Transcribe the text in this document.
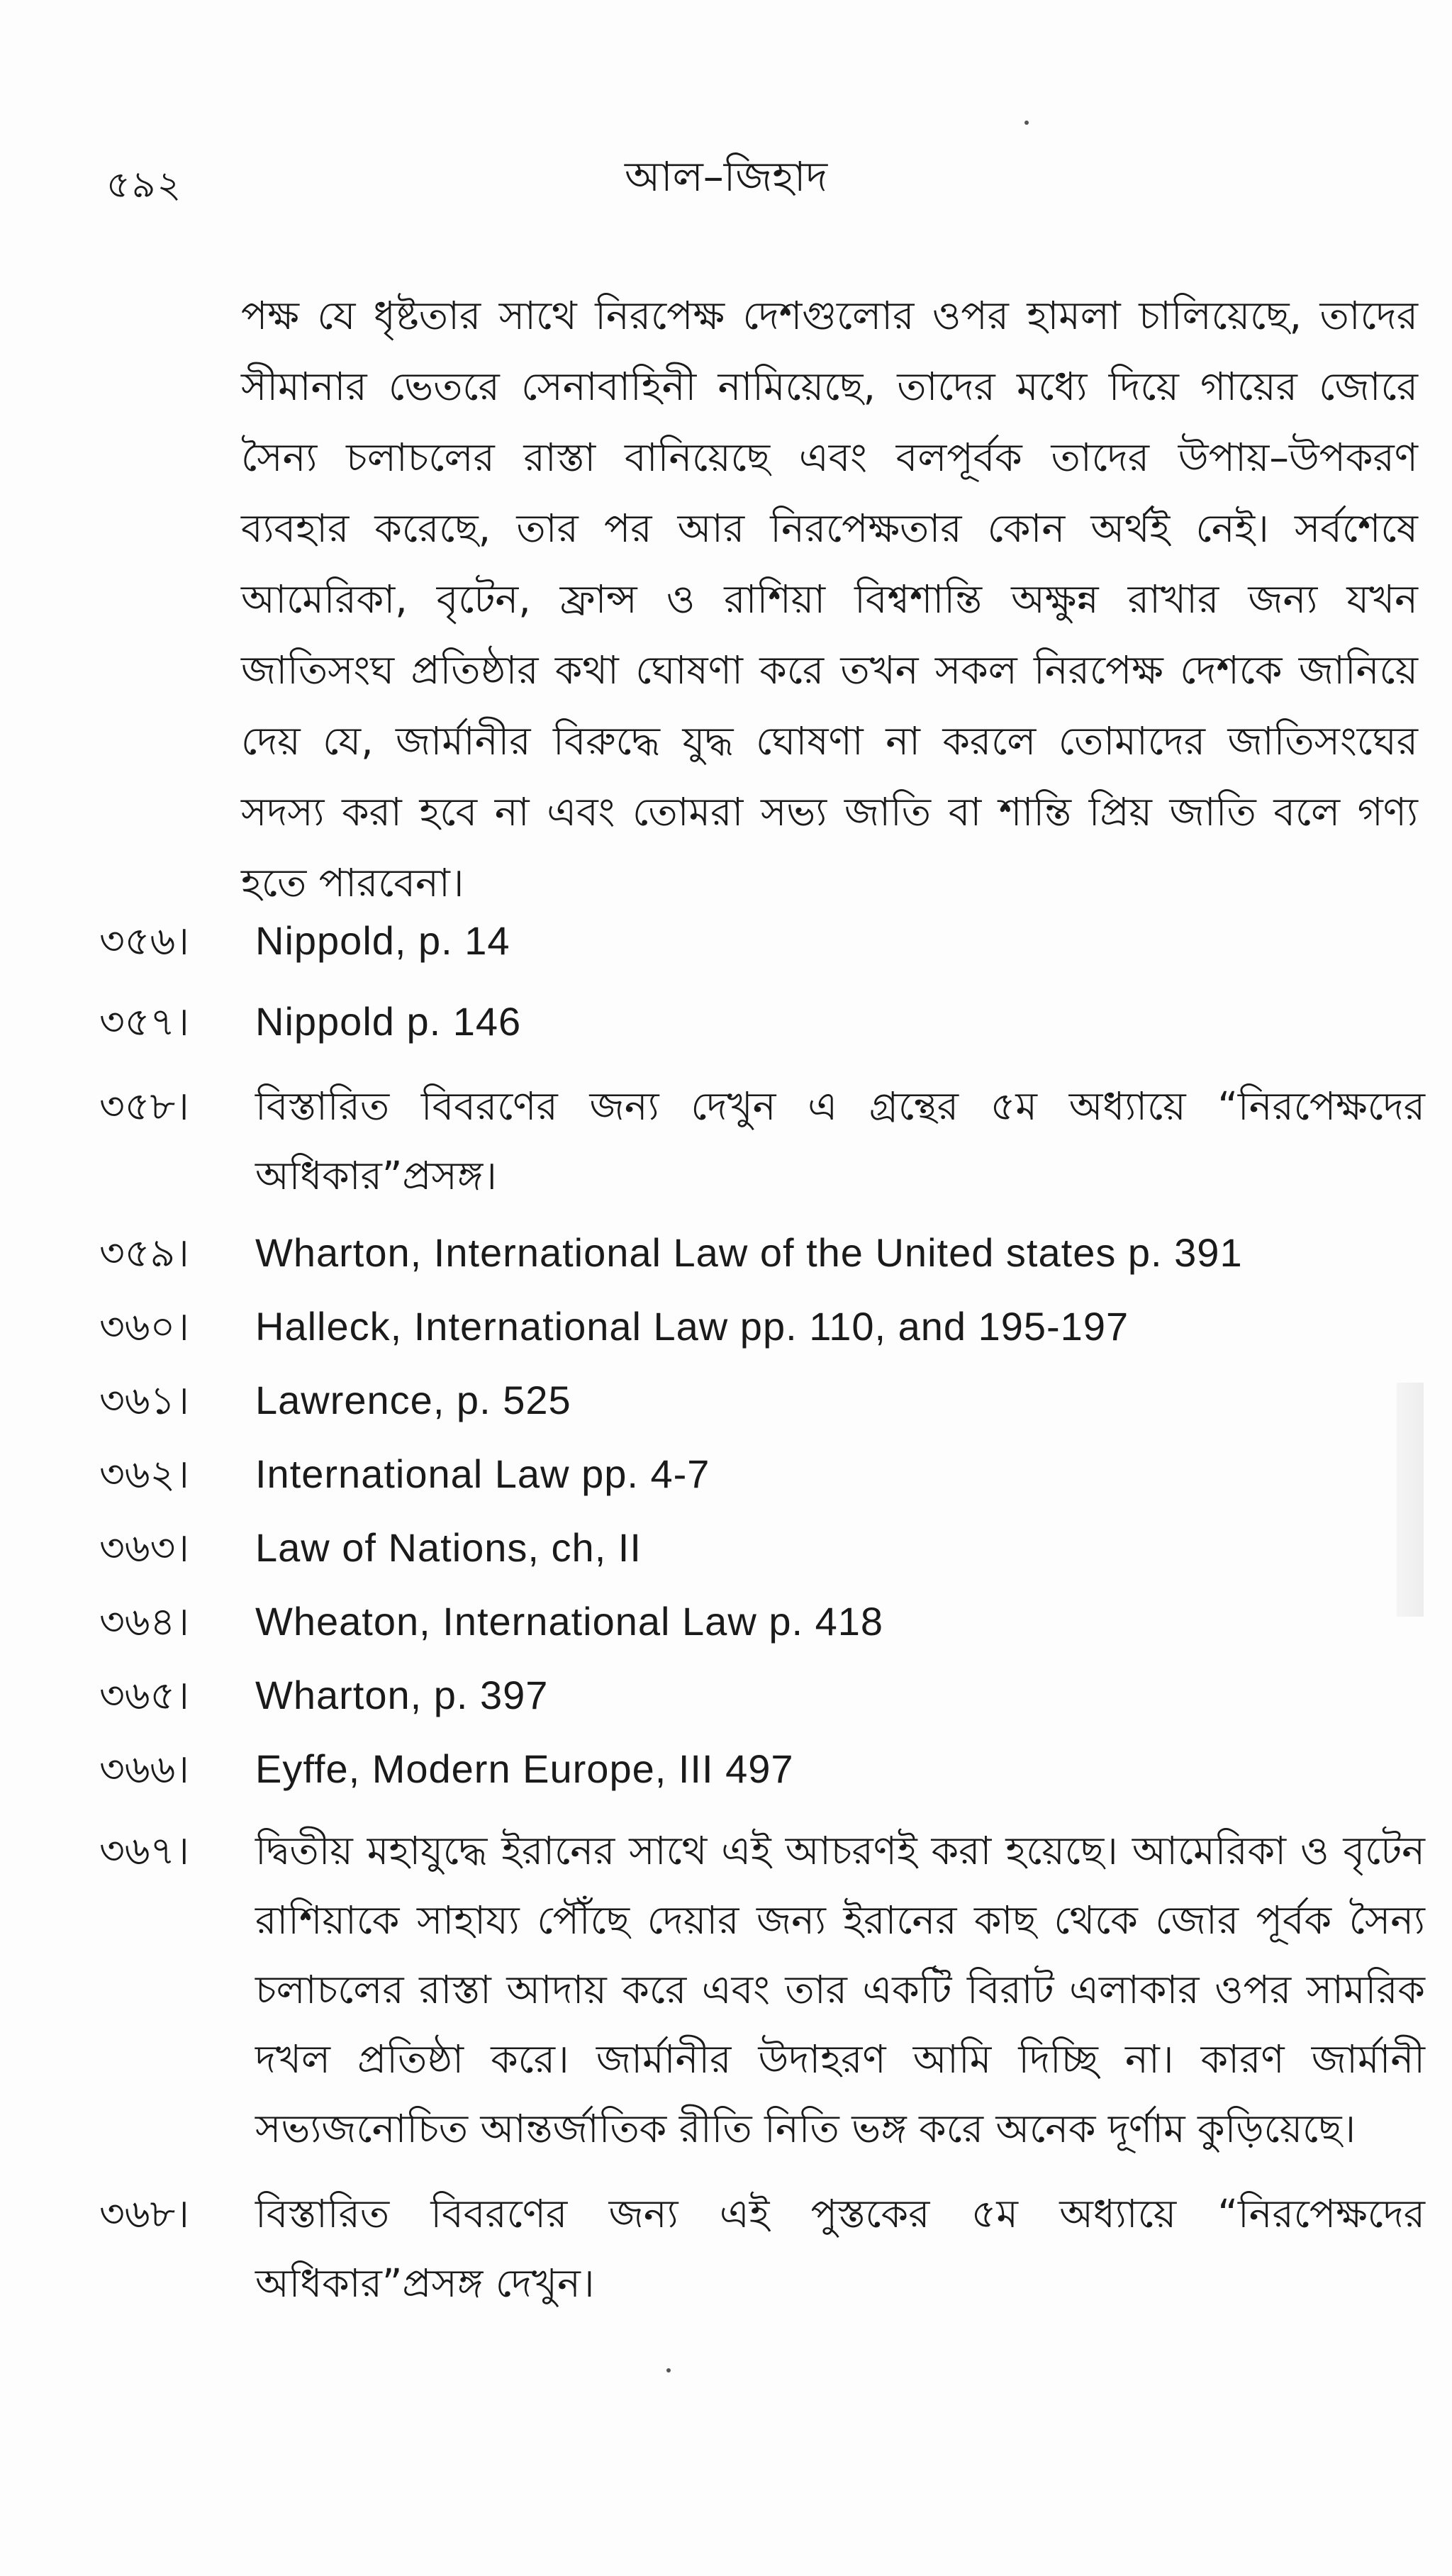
৫৯২	আল–জিহাদ
পক্ষ যে ধৃষ্টতার সাথে নিরপেক্ষ দেশগুলোর ওপর হামলা চালিয়েছে, তাদের সীমানার ভেতরে সেনাবাহিনী নামিয়েছে, তাদের মধ্যে দিয়ে গায়ের জোরে সৈন্য চলাচলের রাস্তা বানিয়েছে এবং বলপূর্বক তাদের উপায়–উপকরণ ব্যবহার করেছে, তার পর আর নিরপেক্ষতার কোন অর্থই নেই। সর্বশেষে আমেরিকা, বৃটেন, ফ্রান্স ও রাশিয়া বিশ্বশান্তি অক্ষুন্ন রাখার জন্য যখন জাতিসংঘ প্রতিষ্ঠার কথা ঘোষণা করে তখন সকল নিরপেক্ষ দেশকে জানিয়ে দেয় যে, জার্মানীর বিরুদ্ধে যুদ্ধ ঘোষণা না করলে তোমাদের জাতিসংঘের সদস্য করা হবে না এবং তোমরা সভ্য জাতি বা শান্তি প্রিয় জাতি বলে গণ্য হতে পারবেনা।
৩৫৬।	Nippold, p. 14
৩৫৭।	Nippold p. 146
৩৫৮।	বিস্তারিত বিবরণের জন্য দেখুন এ গ্রন্থের ৫ম অধ্যায়ে “নিরপেক্ষদের অধিকার”প্রসঙ্গ।
৩৫৯।	Wharton, International Law of the United states p. 391
৩৬০।	Halleck, International Law pp. 110, and 195-197
৩৬১।	Lawrence, p. 525
৩৬২।	International Law pp. 4-7
৩৬৩।	Law of Nations, ch, II
৩৬৪।	Wheaton, International Law p. 418
৩৬৫।	Wharton, p. 397
৩৬৬।	Eyffe, Modern Europe, III 497
৩৬৭।	দ্বিতীয় মহাযুদ্ধে ইরানের সাথে এই আচরণই করা হয়েছে। আমেরিকা ও বৃটেন রাশিয়াকে সাহায্য পৌঁছে দেয়ার জন্য ইরানের কাছ থেকে জোর পূর্বক সৈন্য চলাচলের রাস্তা আদায় করে এবং তার একটি বিরাট এলাকার ওপর সামরিক দখল প্রতিষ্ঠা করে। জার্মানীর উদাহরণ আমি দিচ্ছি না। কারণ জার্মানী সভ্যজনোচিত আন্তর্জাতিক রীতি নিতি ভঙ্গ করে অনেক দূর্ণাম কুড়িয়েছে।
৩৬৮।	বিস্তারিত বিবরণের জন্য এই পুস্তকের ৫ম অধ্যায়ে “নিরপেক্ষদের অধিকার”প্রসঙ্গ দেখুন।
